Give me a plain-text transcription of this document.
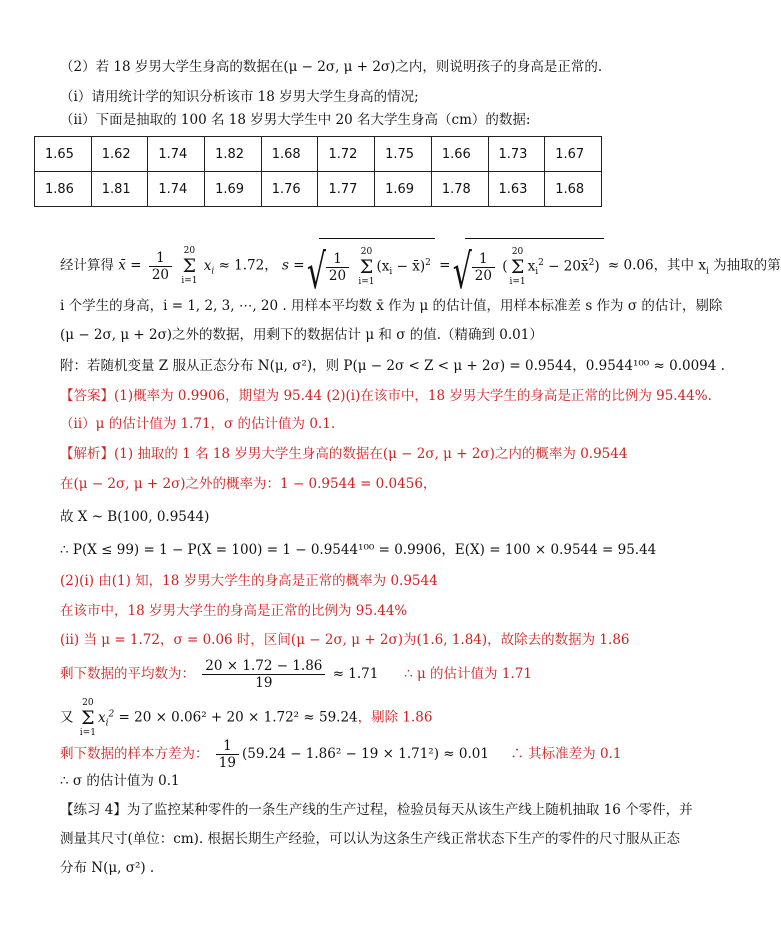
（2）若 18 岁男大学生身高的数据在(μ − 2σ, μ + 2σ)之内，则说明孩子的身高是正常的.
（ⅰ）请用统计学的知识分析该市 18 岁男大学生身高的情况;
（ⅱ）下面是抽取的 100 名 18 岁男大学生中 20 名大学生身高（cm）的数据:
1.65	1.62	1.74	1.82	1.68	1.72	1.75	1.66	1.73	1.67
1.86	1.81	1.74	1.69	1.76	1.77	1.69	1.78	1.63	1.68
经计算得 x̄ = $\frac{1}{20} 20$
Σ
i=1 $x_i \approx 1.72$， s = √ $\frac{1}{20} 20$
Σ
$i=1(x_i$ − x̄)$^2$ = √ $\frac{1}{20} (20$
Σ
$i=1x_i^2$ − 20x̄$^2$) ≈ 0.06，其中 $x_i$ 为抽取的第
i 个学生的身高，i = 1, 2, 3, ⋯, 20 . 用样本平均数 x̄ 作为 μ 的估计值，用样本标准差 s 作为 σ 的估计，剔除
(μ − 2σ, μ + 2σ)之外的数据，用剩下的数据估计 μ 和 σ 的值.（精确到 0.01）
附：若随机变量 Z 服从正态分布 N(μ, σ²)，则 P(μ − 2σ < Z < μ + 2σ) = 0.9544，0.9544¹⁰⁰ ≈ 0.0094 .
【答案】(1)概率为 0.9906，期望为 95.44 (2)(ⅰ)在该市中，18 岁男大学生的身高是正常的比例为 95.44%.
（ⅱ）μ 的估计值为 1.71，σ 的估计值为 0.1.
【解析】(1) 抽取的 1 名 18 岁男大学生身高的数据在(μ − 2σ, μ + 2σ)之内的概率为 0.9544
在(μ − 2σ, μ + 2σ)之外的概率为：1 − 0.9544 = 0.0456，
故 X ~ B(100, 0.9544)
∴ P(X ≤ 99) = 1 − P(X = 100) = 1 − 0.9544¹⁰⁰ = 0.9906，E(X) = 100 × 0.9544 = 95.44
(2)(ⅰ) 由(1) 知，18 岁男大学生的身高是正常的概率为 0.9544
在该市中，18 岁男大学生的身高是正常的比例为 95.44%
(ⅱ) 当 μ = 1.72，σ = 0.06 时，区间(μ − 2σ, μ + 2σ)为(1.6, 1.84)，故除去的数据为 1.86
剩下数据的平均数为： $\frac{20 \times 1.72 - 1.86}{19} \approx 1.71$ ∴ μ 的估计值为 1.71
又 20
Σ
$i=1x_i^2 = 20 \times 0.06^2 + 20 \times 1.72^2 \approx 59.24$，剔除 1.86
剩下数据的样本方差为： $\frac{1}{19} (59.24 - 1.86^2 - 19 \times 1.71^2) \approx 0.01$ ∴ 其标准差为 0.1
∴ σ 的估计值为 0.1
【练习 4】为了监控某种零件的一条生产线的生产过程，检验员每天从该生产线上随机抽取 16 个零件，并
测量其尺寸(单位：cm). 根据长期生产经验，可以认为这条生产线正常状态下生产的零件的尺寸服从正态
分布 N(μ, σ²) .
